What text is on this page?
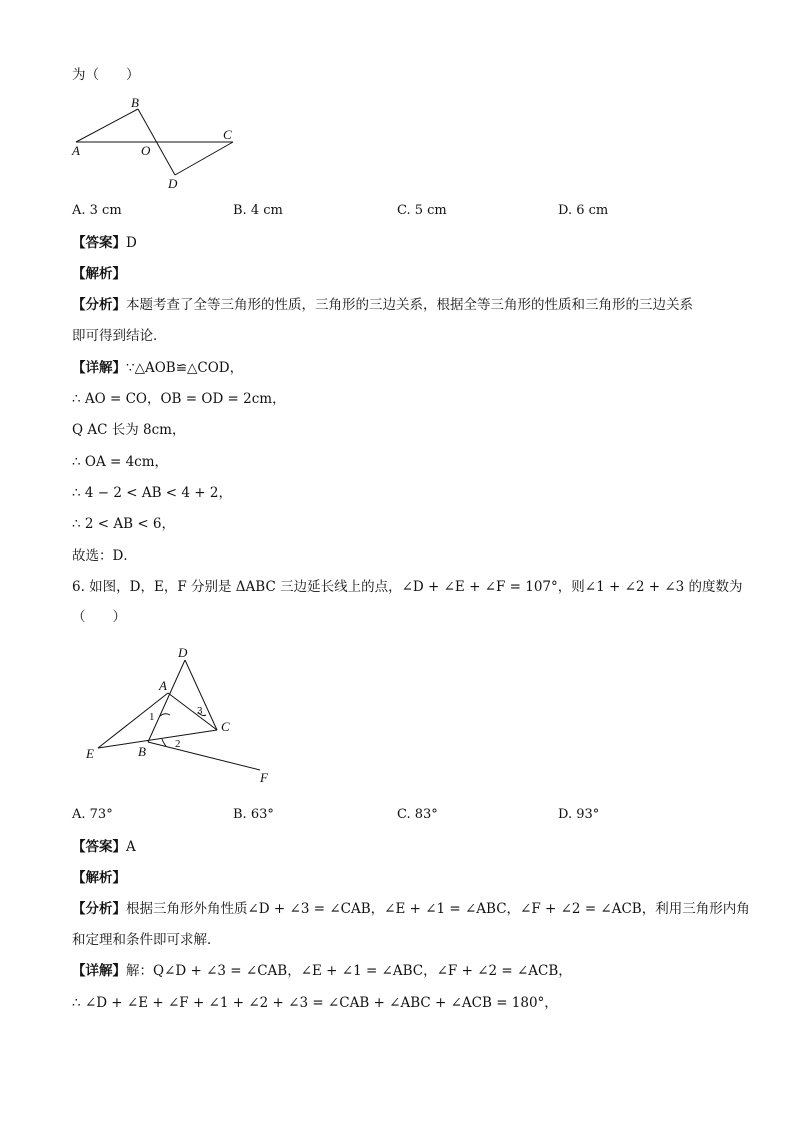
为（　　）
B
A	O
C
D
A. 3 cm	B. 4 cm	C. 5 cm	D. 6 cm
【答案】D
【解析】
【分析】本题考查了全等三角形的性质，三角形的三边关系，根据全等三角形的性质和三角形的三边关系
即可得到结论．
【详解】∵△AOB≌△COD，
∴ AO = CO，OB = OD = 2cm，
Q AC 长为 8cm，
∴ OA = 4cm，
∴ 4 − 2 < AB < 4 + 2，
∴ 2 < AB < 6，
故选：D．
6. 如图，D，E，F 分别是 ΔABC 三边延长线上的点，∠D + ∠E + ∠F = 107°，则∠1 + ∠2 + ∠3 的度数为
（　　）
D
A
1	3
C
E	B	2
F
A. 73°	B. 63°	C. 83°	D. 93°
【答案】A
【解析】
【分析】根据三角形外角性质∠D + ∠3 = ∠CAB，∠E + ∠1 = ∠ABC，∠F + ∠2 = ∠ACB，利用三角形内角
和定理和条件即可求解．
【详解】解：Q∠D + ∠3 = ∠CAB，∠E + ∠1 = ∠ABC，∠F + ∠2 = ∠ACB，
∴ ∠D + ∠E + ∠F + ∠1 + ∠2 + ∠3 = ∠CAB + ∠ABC + ∠ACB = 180°，
